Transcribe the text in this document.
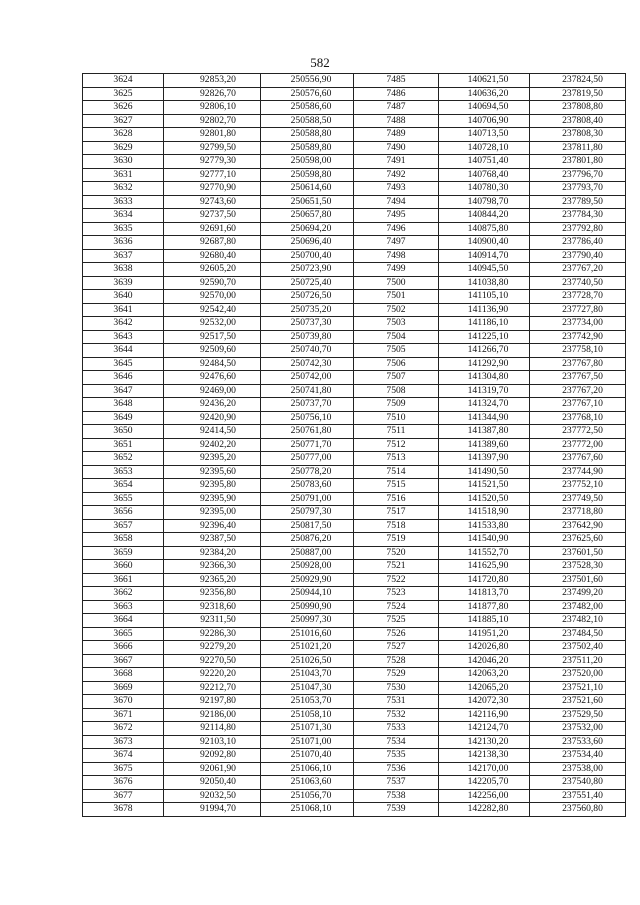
582
3624	92853,20	250556,90	7485	140621,50	237824,50
3625	92826,70	250576,60	7486	140636,20	237819,50
3626	92806,10	250586,60	7487	140694,50	237808,80
3627	92802,70	250588,50	7488	140706,90	237808,40
3628	92801,80	250588,80	7489	140713,50	237808,30
3629	92799,50	250589,80	7490	140728,10	237811,80
3630	92779,30	250598,00	7491	140751,40	237801,80
3631	92777,10	250598,80	7492	140768,40	237796,70
3632	92770,90	250614,60	7493	140780,30	237793,70
3633	92743,60	250651,50	7494	140798,70	237789,50
3634	92737,50	250657,80	7495	140844,20	237784,30
3635	92691,60	250694,20	7496	140875,80	237792,80
3636	92687,80	250696,40	7497	140900,40	237786,40
3637	92680,40	250700,40	7498	140914,70	237790,40
3638	92605,20	250723,90	7499	140945,50	237767,20
3639	92590,70	250725,40	7500	141038,80	237740,50
3640	92570,00	250726,50	7501	141105,10	237728,70
3641	92542,40	250735,20	7502	141136,90	237727,80
3642	92532,00	250737,30	7503	141186,10	237734,00
3643	92517,50	250739,80	7504	141225,10	237742,90
3644	92509,60	250740,70	7505	141266,70	237758,10
3645	92484,50	250742,30	7506	141292,90	237767,80
3646	92476,60	250742,00	7507	141304,80	237767,50
3647	92469,00	250741,80	7508	141319,70	237767,20
3648	92436,20	250737,70	7509	141324,70	237767,10
3649	92420,90	250756,10	7510	141344,90	237768,10
3650	92414,50	250761,80	7511	141387,80	237772,50
3651	92402,20	250771,70	7512	141389,60	237772,00
3652	92395,20	250777,00	7513	141397,90	237767,60
3653	92395,60	250778,20	7514	141490,50	237744,90
3654	92395,80	250783,60	7515	141521,50	237752,10
3655	92395,90	250791,00	7516	141520,50	237749,50
3656	92395,00	250797,30	7517	141518,90	237718,80
3657	92396,40	250817,50	7518	141533,80	237642,90
3658	92387,50	250876,20	7519	141540,90	237625,60
3659	92384,20	250887,00	7520	141552,70	237601,50
3660	92366,30	250928,00	7521	141625,90	237528,30
3661	92365,20	250929,90	7522	141720,80	237501,60
3662	92356,80	250944,10	7523	141813,70	237499,20
3663	92318,60	250990,90	7524	141877,80	237482,00
3664	92311,50	250997,30	7525	141885,10	237482,10
3665	92286,30	251016,60	7526	141951,20	237484,50
3666	92279,20	251021,20	7527	142026,80	237502,40
3667	92270,50	251026,50	7528	142046,20	237511,20
3668	92220,20	251043,70	7529	142063,20	237520,00
3669	92212,70	251047,30	7530	142065,20	237521,10
3670	92197,80	251053,70	7531	142072,30	237521,60
3671	92186,00	251058,10	7532	142116,90	237529,50
3672	92114,80	251071,30	7533	142124,70	237532,00
3673	92103,10	251071,00	7534	142130,20	237533,60
3674	92092,80	251070,40	7535	142138,30	237534,40
3675	92061,90	251066,10	7536	142170,00	237538,00
3676	92050,40	251063,60	7537	142205,70	237540,80
3677	92032,50	251056,70	7538	142256,00	237551,40
3678	91994,70	251068,10	7539	142282,80	237560,80
